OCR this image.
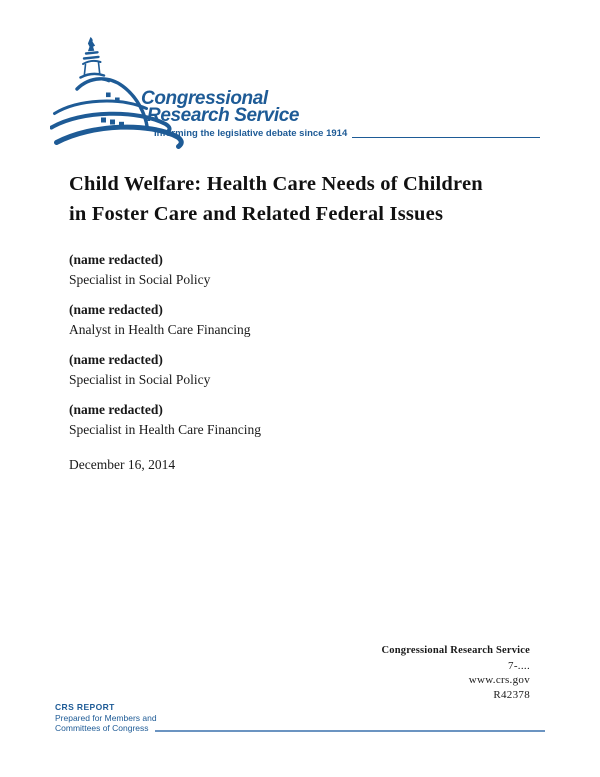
Congressional
Research Service
Informing the legislative debate since 1914
Child Welfare: Health Care Needs of Children
in Foster Care and Related Federal Issues
(name redacted)
Specialist in Social Policy
(name redacted)
Analyst in Health Care Financing
(name redacted)
Specialist in Social Policy
(name redacted)
Specialist in Health Care Financing
December 16, 2014
Congressional Research Service
7-....
www.crs.gov
R42378
CRS REPORT
Prepared for Members and
Committees of Congress
